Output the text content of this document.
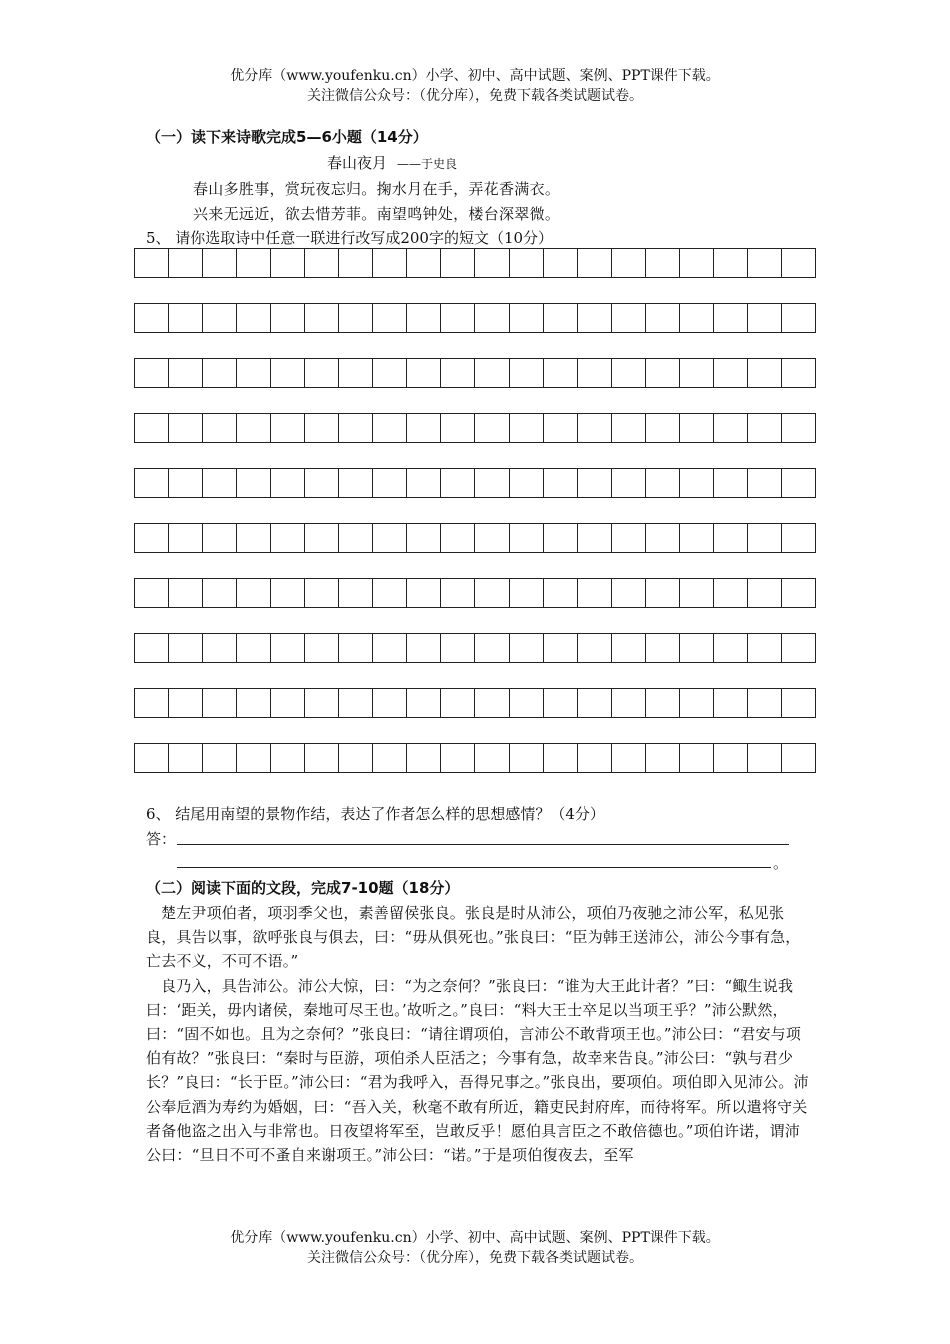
优分库（www.youfenku.cn）小学、初中、高中试题、案例、PPT课件下载。
关注微信公众号：（优分库），免费下载各类试题试卷。
（一）读下来诗歌完成5—6小题（14分）
春山夜月 ——于史良
春山多胜事，赏玩夜忘归。掬水月在手，弄花香满衣。
兴来无远近，欲去惜芳菲。南望鸣钟处，楼台深翠微。
5、 请你选取诗中任意一联进行改写成200字的短文（10分）
6、 结尾用南望的景物作结，表达了作者怎么样的思想感情？（4分）
答：
。
（二）阅读下面的文段，完成7-10题（18分）

楚左尹项伯者，项羽季父也，素善留侯张良。张良是时从沛公，项伯乃夜驰之沛公军，私见张良，具告以事，欲呼张良与俱去，曰：“毋从俱死也。”张良曰：“臣为韩王送沛公，沛公今事有急，亡去不义，不可不语。”

良乃入，具告沛公。沛公大惊，曰：“为之奈何？”张良曰：“谁为大王此计者？”曰：“鲰生说我曰：‘距关，毋内诸侯，秦地可尽王也。’故听之。”良曰：“料大王士卒足以当项王乎？”沛公默然，曰：“固不如也。且为之奈何？”张良曰：“请往谓项伯，言沛公不敢背项王也。”沛公曰：“君安与项伯有故？”张良曰：“秦时与臣游，项伯杀人臣活之；今事有急，故幸来告良。”沛公曰：“孰与君少长？”良曰：“长于臣。”沛公曰：“君为我呼入，吾得兄事之。”张良出，要项伯。项伯即入见沛公。沛公奉卮酒为寿约为婚姻，曰：“吾入关，秋毫不敢有所近，籍吏民封府库，而待将军。所以遣将守关者备他盗之出入与非常也。日夜望将军至，岂敢反乎！愿伯具言臣之不敢倍德也。”项伯许诺，谓沛公曰：“旦日不可不蚤自来谢项王。”沛公曰：“诺。”于是项伯復夜去，至军

优分库（www.youfenku.cn）小学、初中、高中试题、案例、PPT课件下载。
关注微信公众号：（优分库），免费下载各类试题试卷。
